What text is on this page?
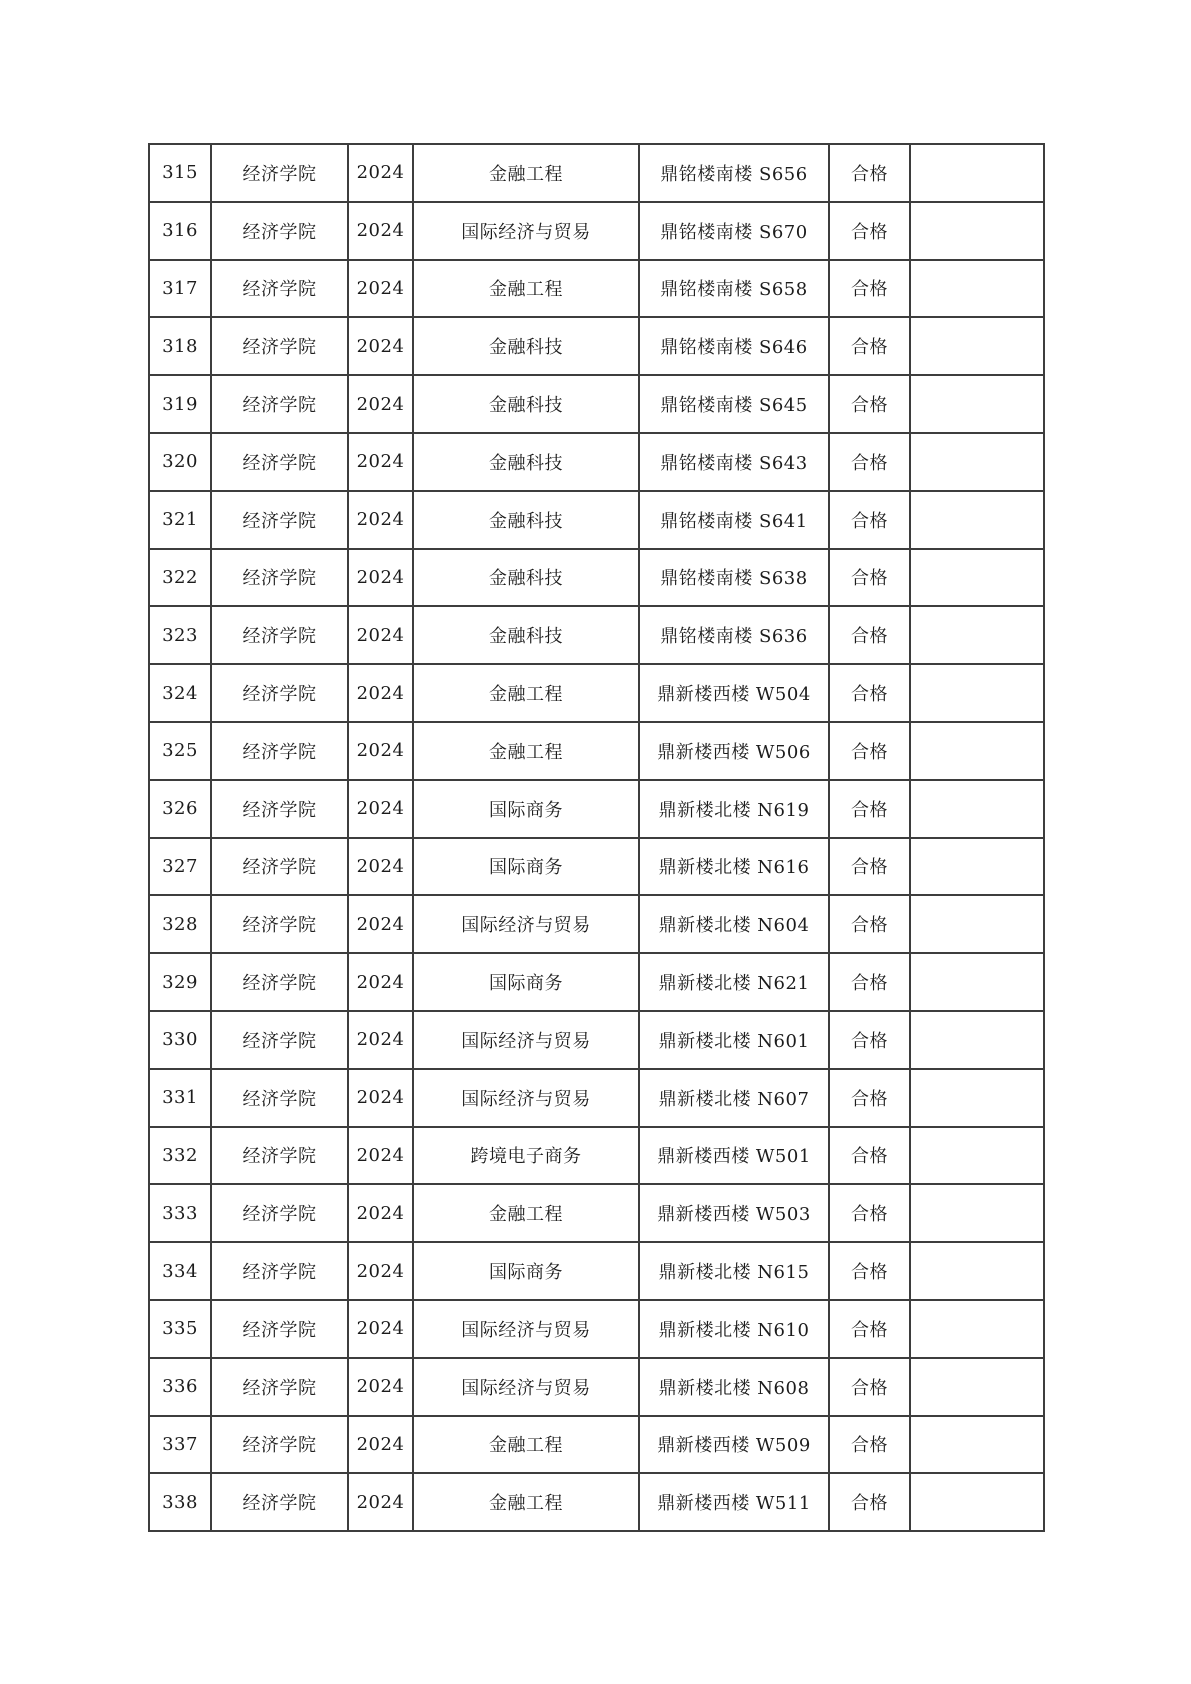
315	经济学院	2024	金融工程	鼎铭楼南楼 S656	合格	
316	经济学院	2024	国际经济与贸易	鼎铭楼南楼 S670	合格	
317	经济学院	2024	金融工程	鼎铭楼南楼 S658	合格	
318	经济学院	2024	金融科技	鼎铭楼南楼 S646	合格	
319	经济学院	2024	金融科技	鼎铭楼南楼 S645	合格	
320	经济学院	2024	金融科技	鼎铭楼南楼 S643	合格	
321	经济学院	2024	金融科技	鼎铭楼南楼 S641	合格	
322	经济学院	2024	金融科技	鼎铭楼南楼 S638	合格	
323	经济学院	2024	金融科技	鼎铭楼南楼 S636	合格	
324	经济学院	2024	金融工程	鼎新楼西楼 W504	合格	
325	经济学院	2024	金融工程	鼎新楼西楼 W506	合格	
326	经济学院	2024	国际商务	鼎新楼北楼 N619	合格	
327	经济学院	2024	国际商务	鼎新楼北楼 N616	合格	
328	经济学院	2024	国际经济与贸易	鼎新楼北楼 N604	合格	
329	经济学院	2024	国际商务	鼎新楼北楼 N621	合格	
330	经济学院	2024	国际经济与贸易	鼎新楼北楼 N601	合格	
331	经济学院	2024	国际经济与贸易	鼎新楼北楼 N607	合格	
332	经济学院	2024	跨境电子商务	鼎新楼西楼 W501	合格	
333	经济学院	2024	金融工程	鼎新楼西楼 W503	合格	
334	经济学院	2024	国际商务	鼎新楼北楼 N615	合格	
335	经济学院	2024	国际经济与贸易	鼎新楼北楼 N610	合格	
336	经济学院	2024	国际经济与贸易	鼎新楼北楼 N608	合格	
337	经济学院	2024	金融工程	鼎新楼西楼 W509	合格	
338	经济学院	2024	金融工程	鼎新楼西楼 W511	合格	
